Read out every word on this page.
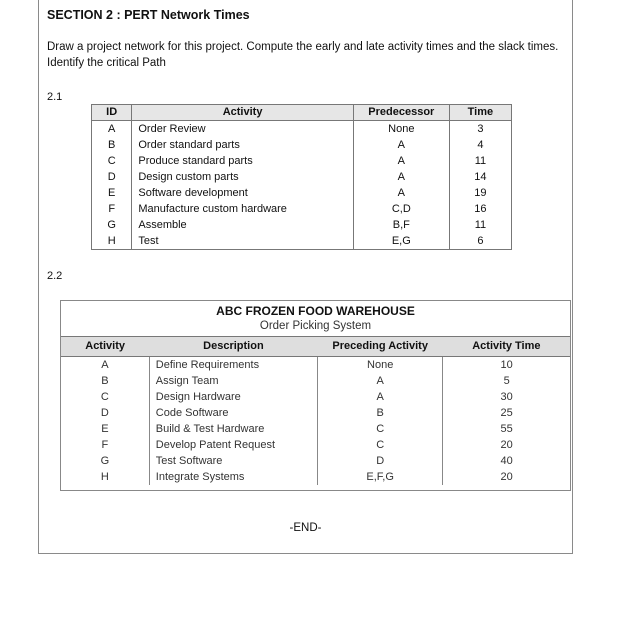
SECTION 2 : PERT Network Times
Draw a project network for this project. Compute the early and late activity times and the slack times. Identify the critical Path
2.1
ID	Activity	Predecessor	Time
A	Order Review	None	3
B	Order standard parts	A	4
C	Produce standard parts	A	11
D	Design custom parts	A	14
E	Software development	A	19
F	Manufacture custom hardware	C,D	16
G	Assemble	B,F	11
H	Test	E,G	6
2.2
ABC FROZEN FOOD WAREHOUSE
Order Picking System
Activity	Description	Preceding Activity	Activity Time
A	Define Requirements	None	10
B	Assign Team	A	5
C	Design Hardware	A	30
D	Code Software	B	25
E	Build & Test Hardware	C	55
F	Develop Patent Request	C	20
G	Test Software	D	40
H	Integrate Systems	E,F,G	20
-END-
